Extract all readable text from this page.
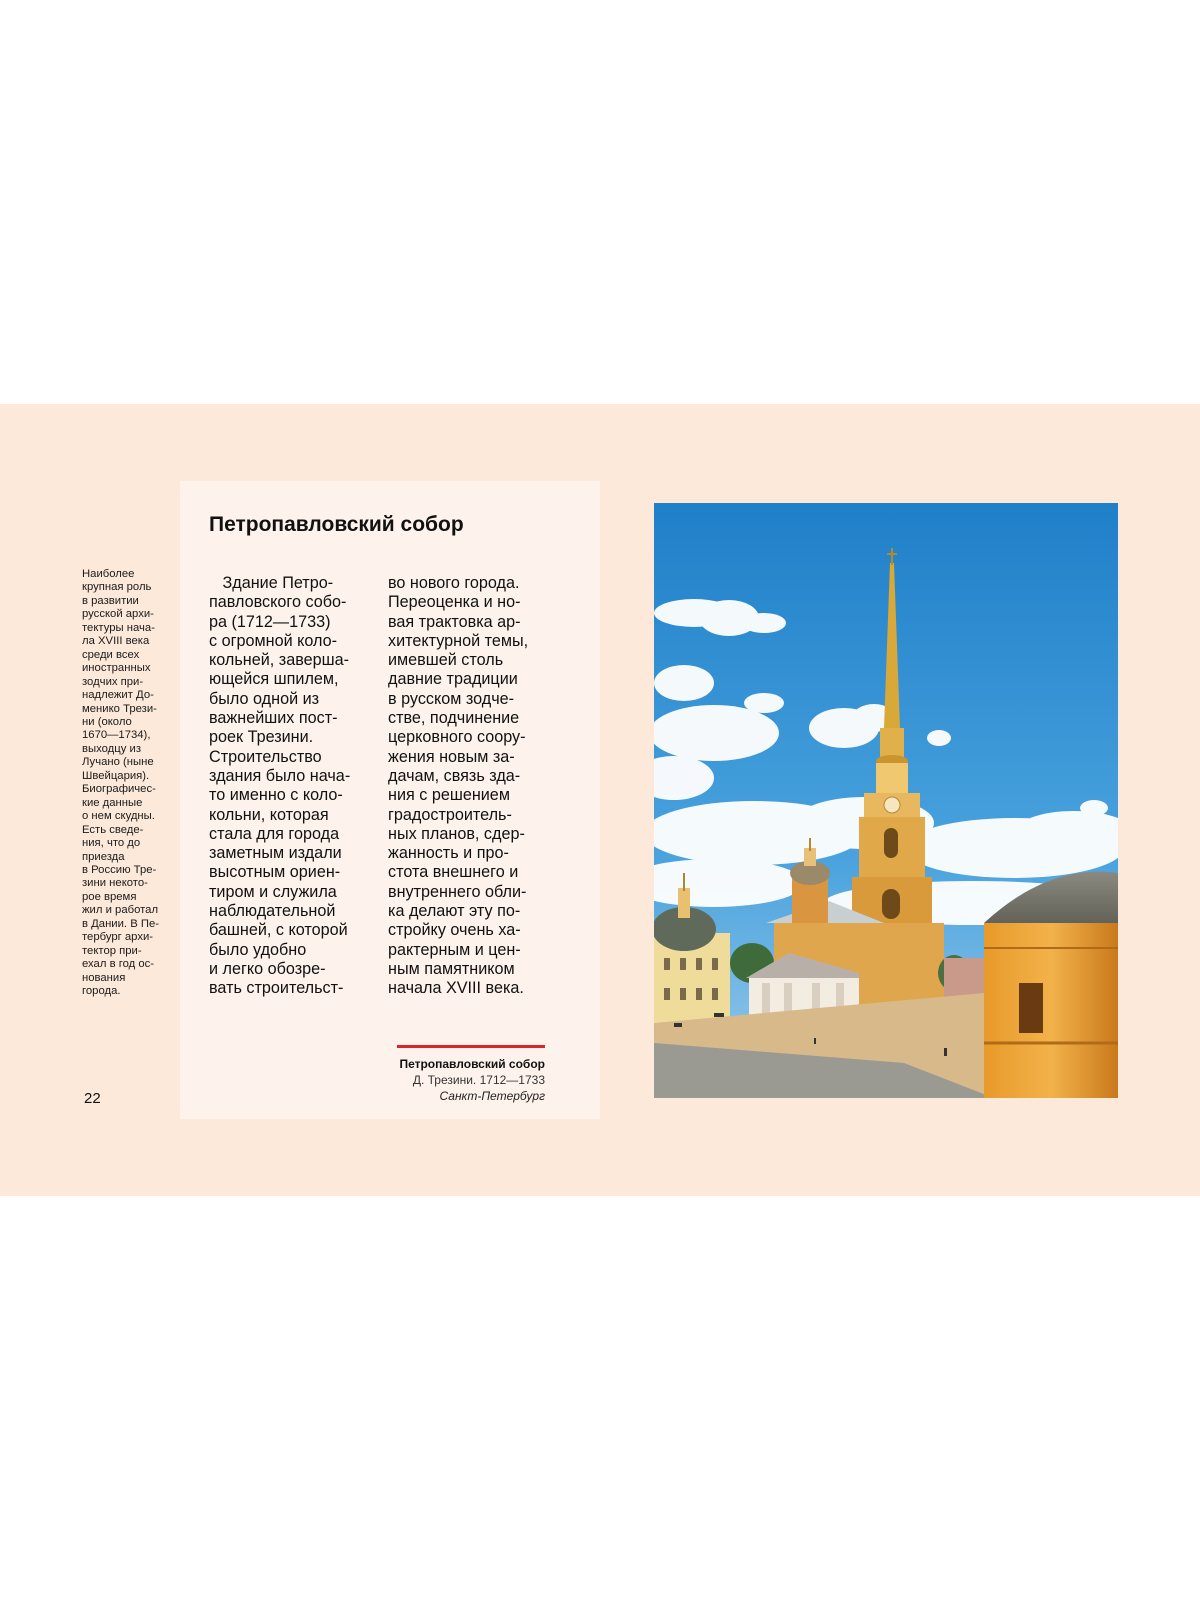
Наиболее
крупная роль
в развитии
русской архи-
тектуры нача-
ла XVIII века
среди всех
иностранных
зодчих при-
надлежит До-
менико Трези-
ни (около
1670—1734),
выходцу из
Лучано (ныне
Швейцария).
Биографичес-
кие данные
о нем скудны.
Есть сведе-
ния, что до
приезда
в Россию Тре-
зини некото-
рое время
жил и работал
в Дании. В Пе-
тербург архи-
тектор при-
ехал в год ос-
нования
города.
22
Петропавловский собор
Здание Петро-
павловского собо-
ра (1712—1733)
с огромной коло-
кольней, заверша-
ющейся шпилем,
было одной из
важнейших пост-
роек Трезини.
Строительство
здания было нача-
то именно с коло-
кольни, которая
стала для города
заметным издали
высотным ориен-
тиром и служила
наблюдательной
башней, с которой
было удобно
и легко обозре-
вать строительст-
во нового города.
Переоценка и но-
вая трактовка ар-
хитектурной темы,
имевшей столь
давние традиции
в русском зодче-
стве, подчинение
церковного соору-
жения новым за-
дачам, связь зда-
ния с решением
градостроитель-
ных планов, сдер-
жанность и про-
стота внешнего и
внутреннего обли-
ка делают эту по-
стройку очень ха-
рактерным и цен-
ным памятником
начала XVIII века.
Петропавловский собор
Д. Трезини. 1712—1733
Санкт-Петербург
